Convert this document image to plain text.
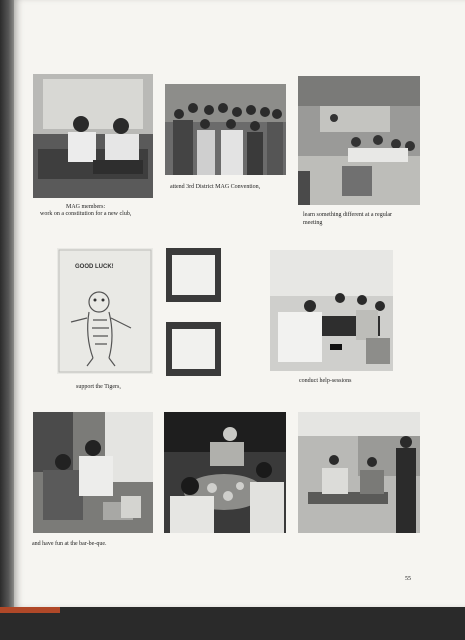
MAG members:
work on a constitution for a new club,
attend 3rd District MAG Convention,
learn something different at a regular
meeting
GOOD LUCK!
support the Tigers,
conduct help-sessions
and have fun at the bar-be-que.
55
